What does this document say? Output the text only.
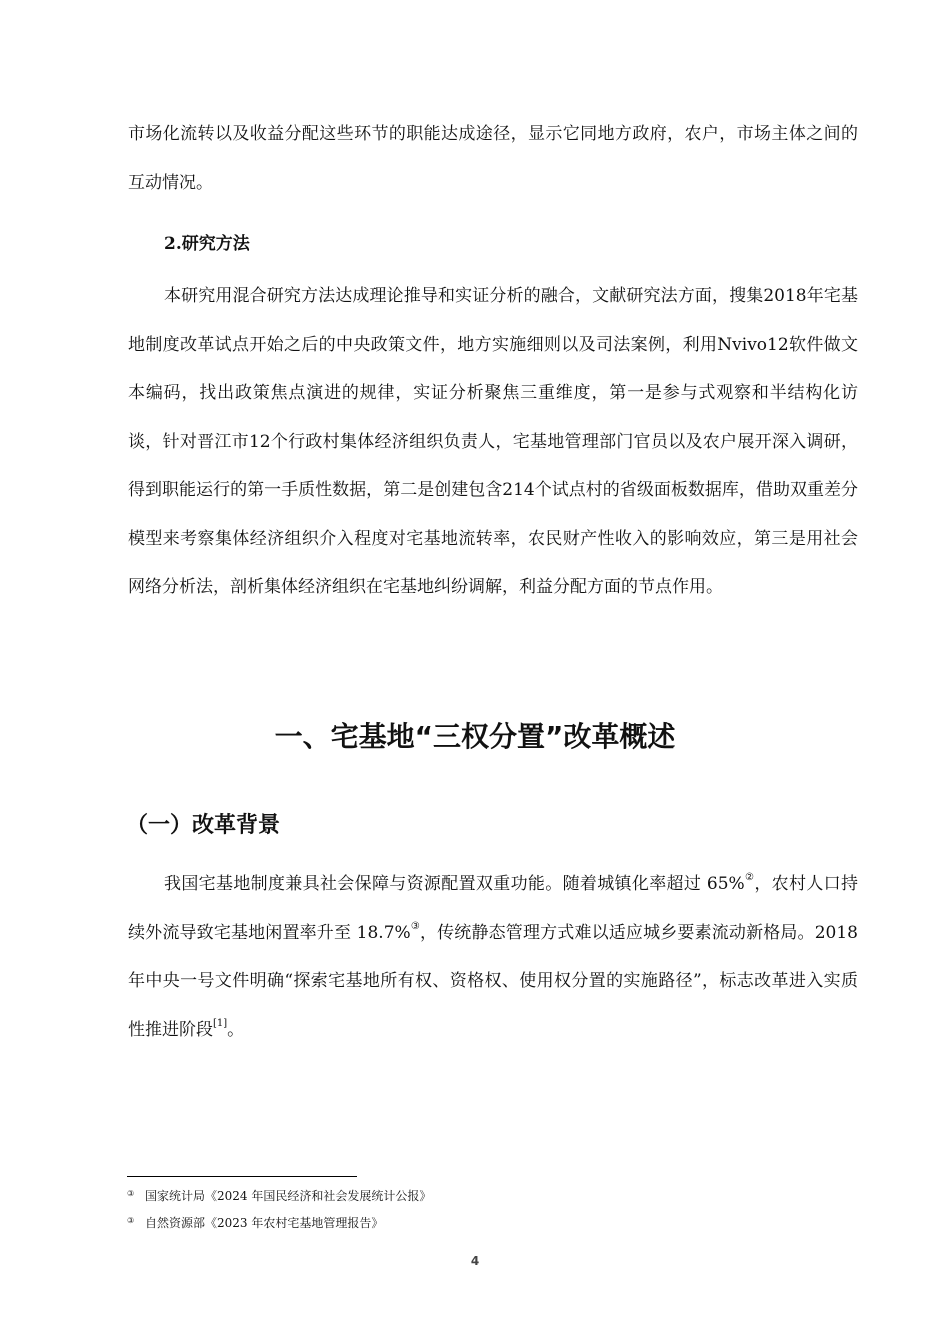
市场化流转以及收益分配这些环节的职能达成途径，显示它同地方政府，农户，市场主体之间的互动情况。

2.研究方法

本研究用混合研究方法达成理论推导和实证分析的融合，文献研究法方面，搜集2018年宅基地制度改革试点开始之后的中央政策文件，地方实施细则以及司法案例，利用Nvivo12软件做文本编码，找出政策焦点演进的规律，实证分析聚焦三重维度，第一是参与式观察和半结构化访谈，针对晋江市12个行政村集体经济组织负责人，宅基地管理部门官员以及农户展开深入调研，得到职能运行的第一手质性数据，第二是创建包含214个试点村的省级面板数据库，借助双重差分模型来考察集体经济组织介入程度对宅基地流转率，农民财产性收入的影响效应，第三是用社会网络分析法，剖析集体经济组织在宅基地纠纷调解，利益分配方面的节点作用。

一、宅基地“三权分置”改革概述
（一）改革背景

我国宅基地制度兼具社会保障与资源配置双重功能。随着城镇化率超过 65%②，农村人口持续外流导致宅基地闲置率升至 18.7%③，传统静态管理方式难以适应城乡要素流动新格局。2018 年中央一号文件明确“探索宅基地所有权、资格权、使用权分置的实施路径”，标志改革进入实质性推进阶段[1]。

③ 国家统计局《2024 年国民经济和社会发展统计公报》

③ 自然资源部《2023 年农村宅基地管理报告》

4
